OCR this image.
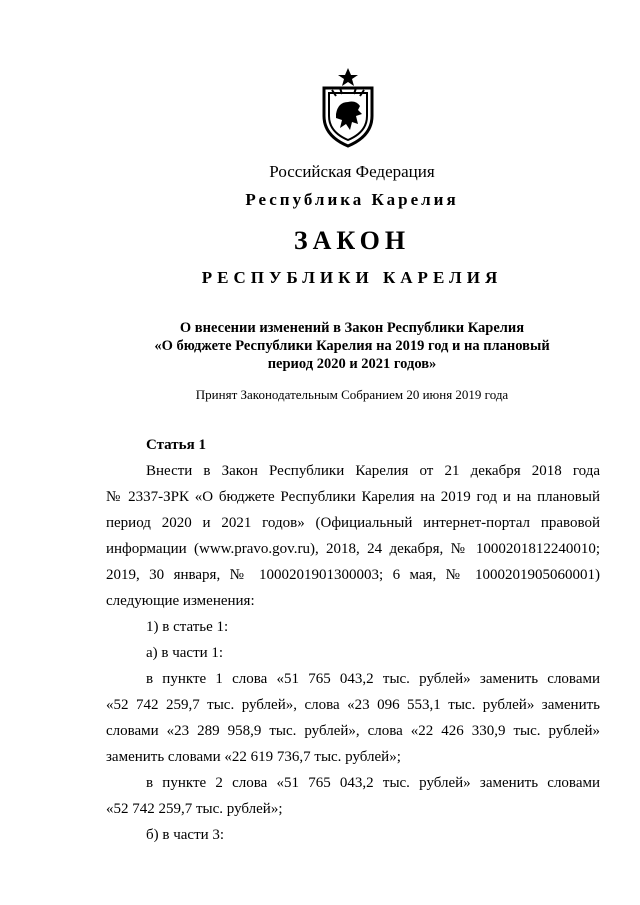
Российская Федерация
Республика Карелия
ЗАКОН
РЕСПУБЛИКИ КАРЕЛИЯ
О внесении изменений в Закон Республики Карелия
«О бюджете Республики Карелия на 2019 год и на плановый
период 2020 и 2021 годов»
Принят Законодательным Собранием 20 июня 2019 года
Статья 1
Внести в Закон Республики Карелия от 21 декабря 2018 года
№ 2337-ЗРК «О бюджете Республики Карелия на 2019 год и на плановый
период 2020 и 2021 годов» (Официальный интернет-портал правовой
информации (www.pravo.gov.ru), 2018, 24 декабря, № 1000201812240010;
2019, 30 января, № 1000201901300003; 6 мая, № 1000201905060001)
следующие изменения:
1) в статье 1:
а) в части 1:
в пункте 1 слова «51 765 043,2 тыс. рублей» заменить словами
«52 742 259,7 тыс. рублей», слова «23 096 553,1 тыс. рублей» заменить
словами «23 289 958,9 тыс. рублей», слова «22 426 330,9 тыс. рублей»
заменить словами «22 619 736,7 тыс. рублей»;
в пункте 2 слова «51 765 043,2 тыс. рублей» заменить словами
«52 742 259,7 тыс. рублей»;
б) в части 3:
